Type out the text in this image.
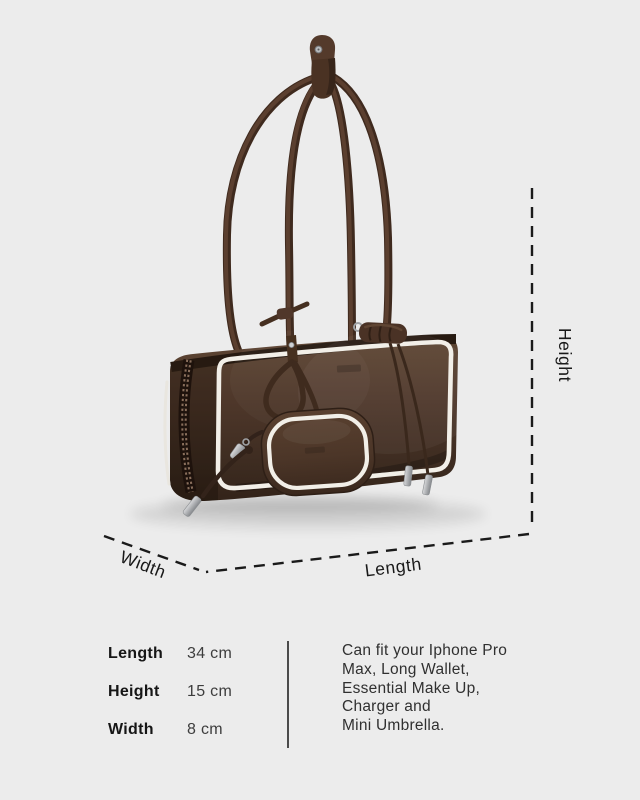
Height
Length
Width
Length	34 cm
Height	15 cm
Width	8 cm
Can fit your Iphone Pro
Max, Long Wallet,
Essential Make Up,
Charger and
Mini Umbrella.
